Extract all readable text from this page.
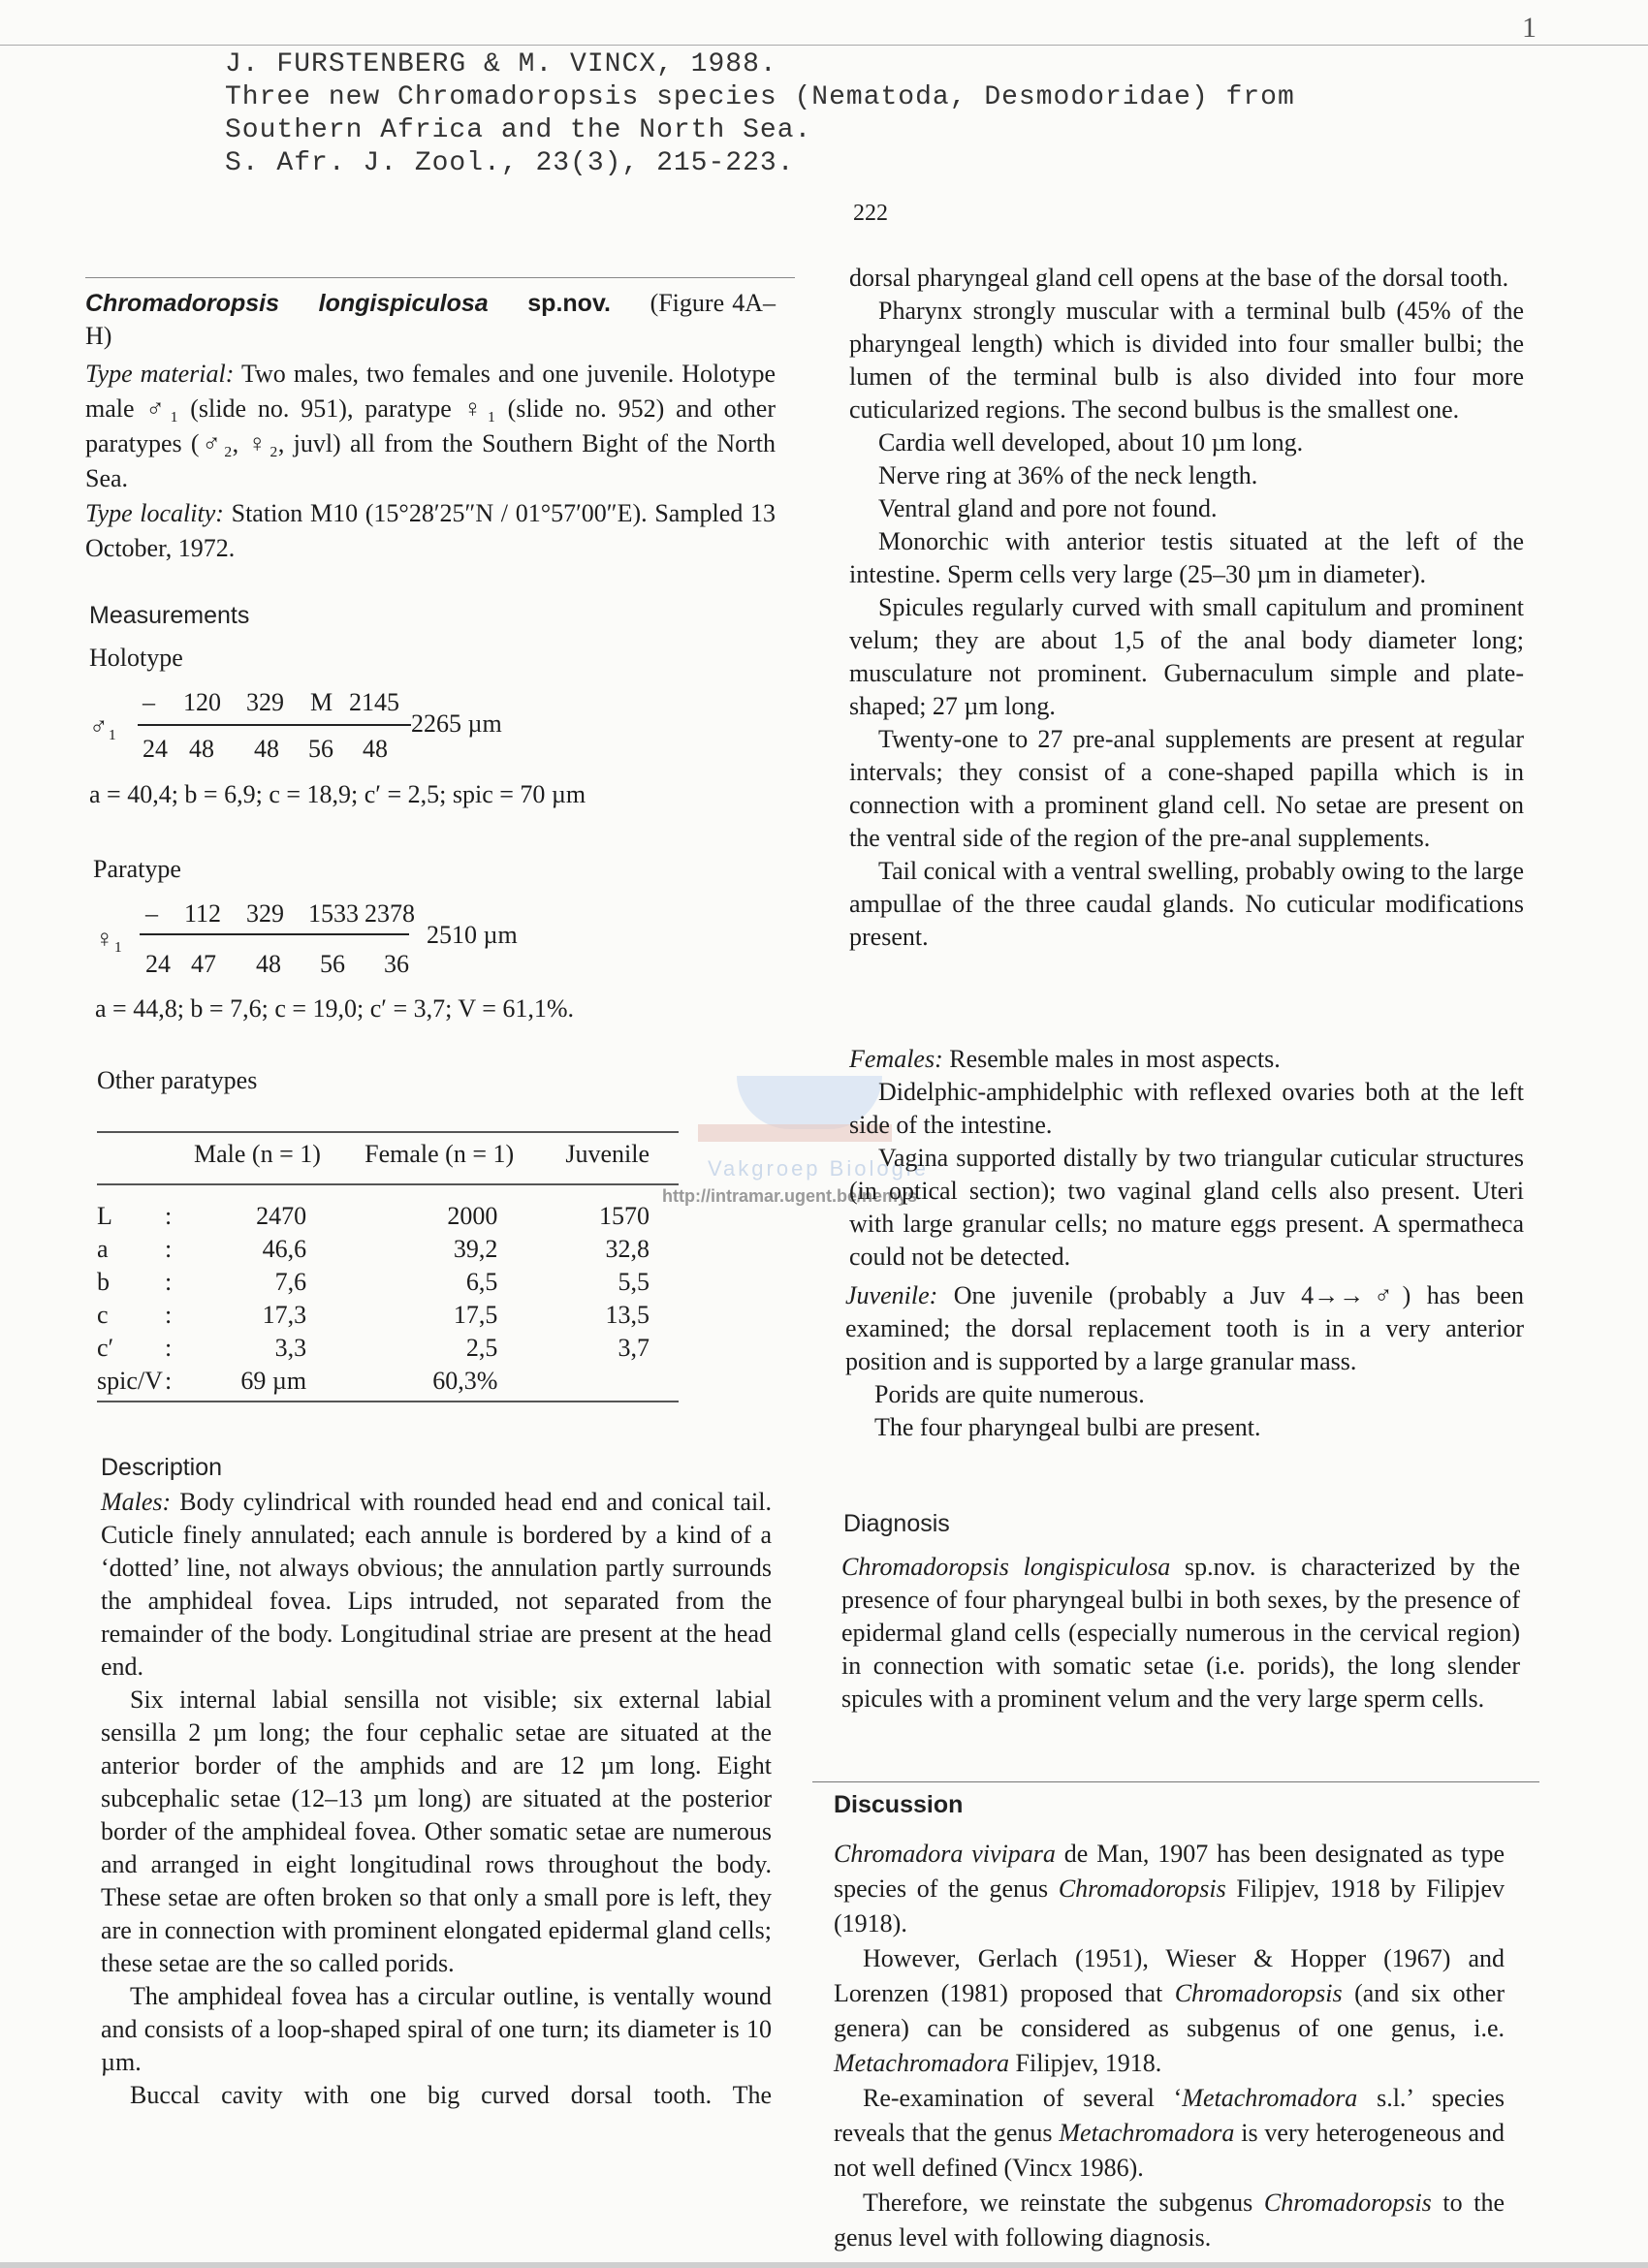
1
J. FURSTENBERG & M. VINCX, 1988.
Three new Chromadoropsis species (Nematoda, Desmodoridae) from
Southern Africa and the North Sea.
S. Afr. J. Zool., 23(3), 215-223.
222
Vakgroep Biologie
http://intramar.ugent.be/nemys

Chromadoropsis longispiculosa sp.nov. (Figure 4A–H)

Type material: Two males, two females and one juvenile. Holotype male ♂₁ (slide no. 951), paratype ♀₁ (slide no. 952) and other paratypes (♂₂, ♀₂, juvl) all from the Southern Bight of the North Sea.

Type locality: Station M10 (15°28′25″N / 01°57′00″E). Sampled 13 October, 1972.

Measurements
Holotype
♂₁
– 120 329 M 2145
2265 µm
24 48 48 56 48
a = 40,4; b = 6,9; c = 18,9; c′ = 2,5; spic = 70 µm
Paratype
♀₁
– 112 329 1533 2378
2510 µm
24 47 48 56 36
a = 44,8; b = 7,6; c = 19,0; c′ = 3,7; V = 61,1%.
Other paratypes
		Male (n = 1)	Female (n = 1)	Juvenile

L	:	2470	2000	1570
a	:	46,6	39,2	32,8
b	:	7,6	6,5	5,5
c	:	17,3	17,5	13,5
c′	:	3,3	2,5	3,7
spic/V	:	69 µm	60,3%	
Description

Males: Body cylindrical with rounded head end and conical tail. Cuticle finely annulated; each annule is bordered by a kind of a ‘dotted’ line, not always obvious; the annulation partly surrounds the amphideal fovea. Lips intruded, not separated from the remainder of the body. Longitudinal striae are present at the head end.

Six internal labial sensilla not visible; six external labial sensilla 2 µm long; the four cephalic setae are situated at the anterior border of the amphids and are 12 µm long. Eight subcephalic setae (12–13 µm long) are situated at the posterior border of the amphideal fovea. Other somatic setae are numerous and arranged in eight longitudinal rows throughout the body. These setae are often broken so that only a small pore is left, they are in connection with prominent elongated epidermal gland cells; these setae are the so called porids.

The amphideal fovea has a circular outline, is ventally wound and consists of a loop-shaped spiral of one turn; its diameter is 10 µm.

Buccal cavity with one big curved dorsal tooth. The

dorsal pharyngeal gland cell opens at the base of the dorsal tooth.

Pharynx strongly muscular with a terminal bulb (45% of the pharyngeal length) which is divided into four smaller bulbi; the lumen of the terminal bulb is also divided into four more cuticularized regions. The second bulbus is the smallest one.

Cardia well developed, about 10 µm long.

Nerve ring at 36% of the neck length.

Ventral gland and pore not found.

Monorchic with anterior testis situated at the left of the intestine. Sperm cells very large (25–30 µm in diameter).

Spicules regularly curved with small capitulum and prominent velum; they are about 1,5 of the anal body diameter long; musculature not prominent. Gubernaculum simple and plate-shaped; 27 µm long.

Twenty-one to 27 pre-anal supplements are present at regular intervals; they consist of a cone-shaped papilla which is in connection with a prominent gland cell. No setae are present on the ventral side of the region of the pre-anal supplements.

Tail conical with a ventral swelling, probably owing to the large ampullae of the three caudal glands. No cuticular modifications present.

Females: Resemble males in most aspects.

Didelphic-amphidelphic with reflexed ovaries both at the left side of the intestine.

Vagina supported distally by two triangular cuticular structures (in optical section); two vaginal gland cells also present. Uteri with large granular cells; no mature eggs present. A spermatheca could not be detected.

Juvenile: One juvenile (probably a Juv 4→→♂) has been examined; the dorsal replacement tooth is in a very anterior position and is supported by a large granular mass.

Porids are quite numerous.

The four pharyngeal bulbi are present.

Diagnosis

Chromadoropsis longispiculosa sp.nov. is characterized by the presence of four pharyngeal bulbi in both sexes, by the presence of epidermal gland cells (especially numerous in the cervical region) in connection with somatic setae (i.e. porids), the long slender spicules with a prominent velum and the very large sperm cells.

Discussion

Chromadora vivipara de Man, 1907 has been designated as type species of the genus Chromadoropsis Filipjev, 1918 by Filipjev (1918).

However, Gerlach (1951), Wieser & Hopper (1967) and Lorenzen (1981) proposed that Chromadoropsis (and six other genera) can be considered as subgenus of one genus, i.e. Metachromadora Filipjev, 1918.

Re-examination of several ‘Metachromadora s.l.’ species reveals that the genus Metachromadora is very heterogeneous and not well defined (Vincx 1986).

Therefore, we reinstate the subgenus Chromadoropsis to the genus level with following diagnosis.
